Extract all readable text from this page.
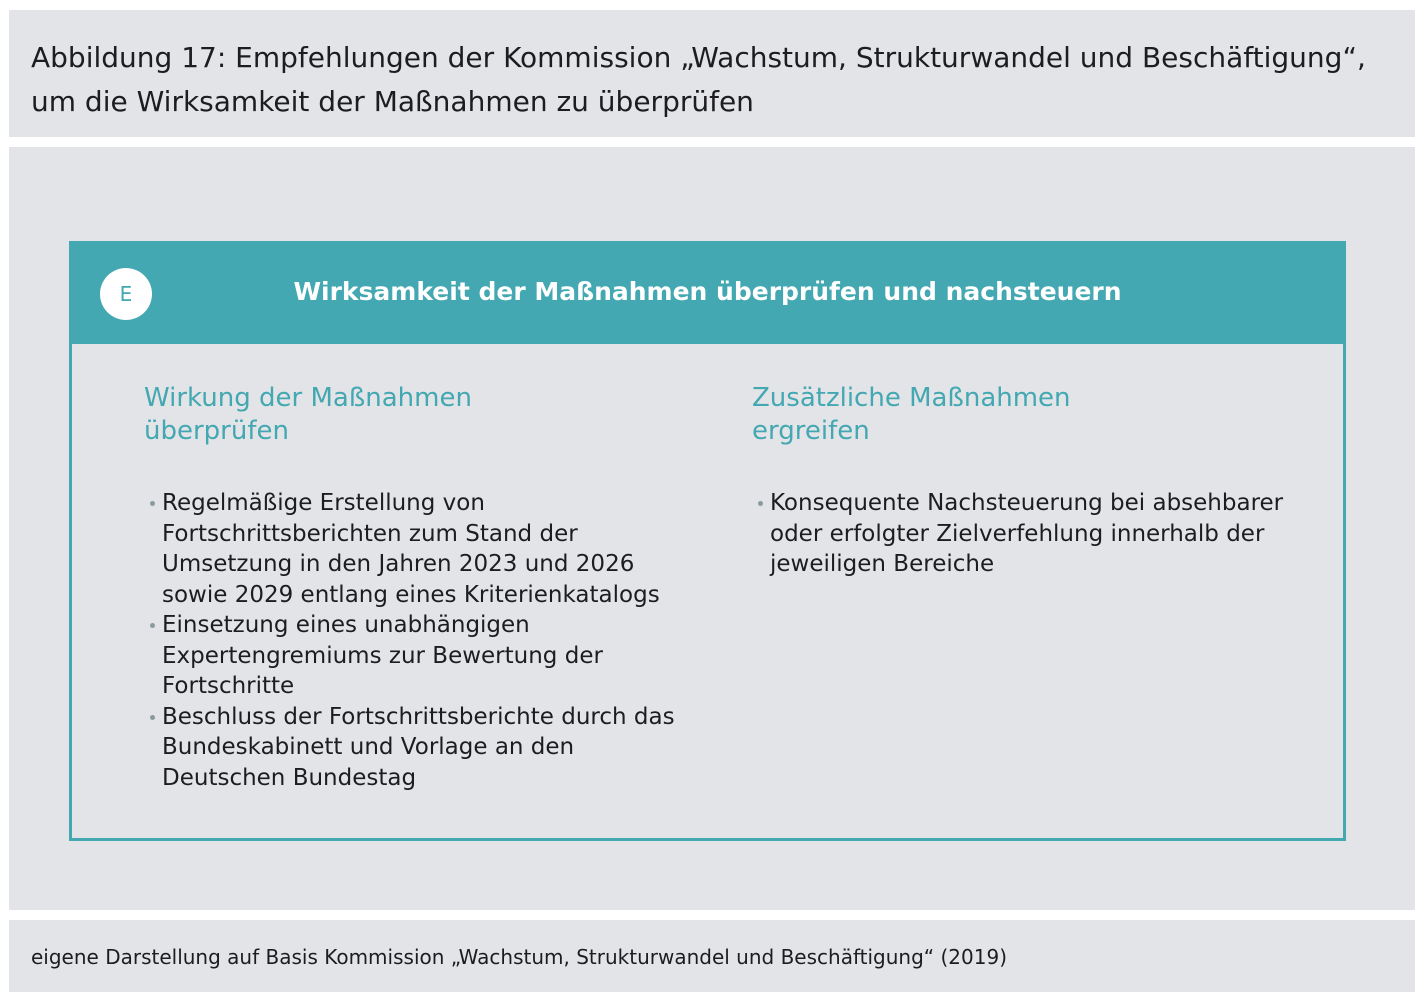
Abbildung 17: Empfehlungen der Kommission „Wachstum, Strukturwandel und Beschäftigung“, um die Wirksamkeit der Maßnahmen zu überprüfen
Wirksamkeit der Maßnahmen überprüfen und nachsteuern
E
Wirkung der Maßnahmen überprüfen
Regelmäßige Erstellung von Fortschrittsberichten zum Stand der Umsetzung in den Jahren 2023 und 2026 sowie 2029 entlang eines Kriterienkatalogs
Einsetzung eines unabhängigen Expertengremiums zur Bewertung der Fortschritte
Beschluss der Fortschrittsberichte durch das Bundeskabinett und Vorlage an den Deutschen Bundestag
Zusätzliche Maßnahmen ergreifen
Konsequente Nachsteuerung bei absehbarer oder erfolgter Zielverfehlung innerhalb der jeweiligen Bereiche

eigene Darstellung auf Basis Kommission „Wachstum, Strukturwandel und Beschäftigung“ (2019)
